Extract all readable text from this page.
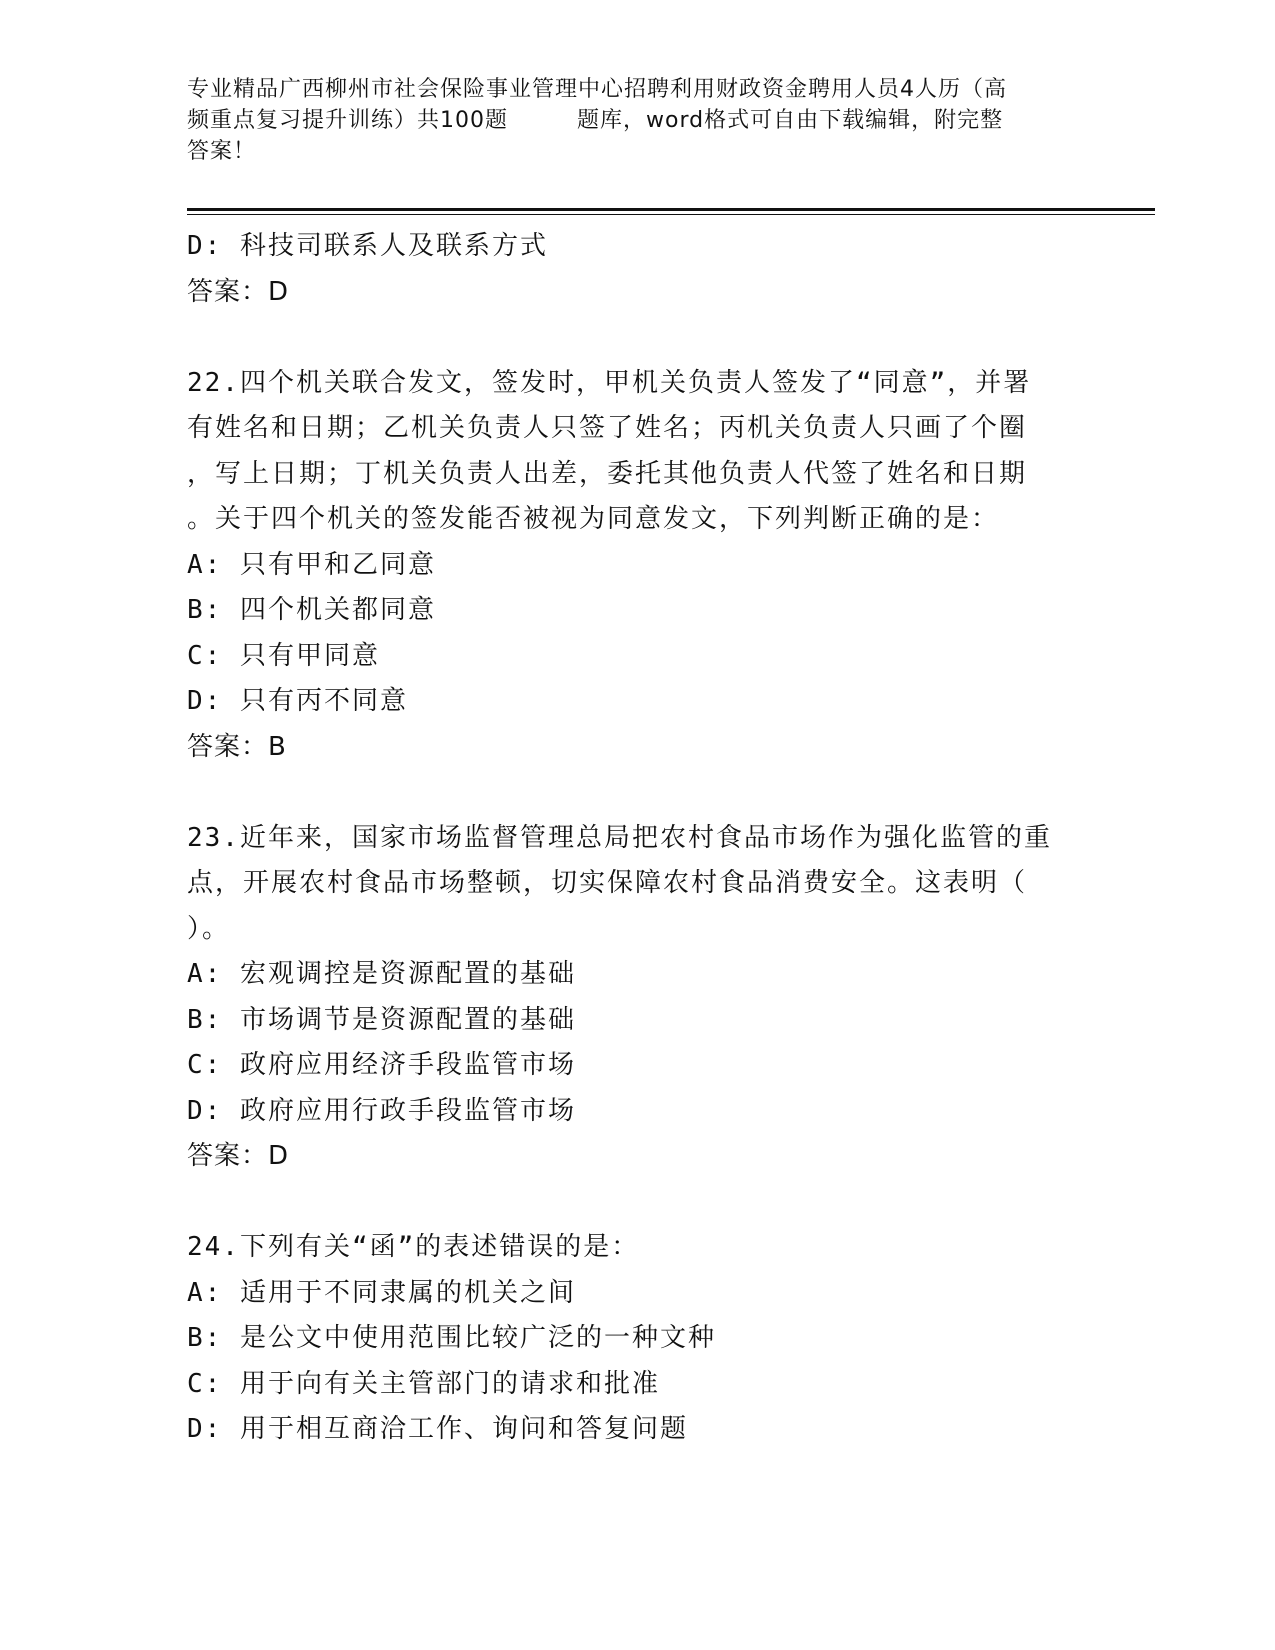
专业精品广西柳州市社会保险事业管理中心招聘利用财政资金聘用人员4人历（高
频重点复习提升训练）共100题　　　题库，word格式可自由下载编辑，附完整
答案！
D: 科技司联系人及联系方式
答案：D
22.四个机关联合发文，签发时，甲机关负责人签发了“同意”，并署
有姓名和日期；乙机关负责人只签了姓名；丙机关负责人只画了个圈
，写上日期；丁机关负责人出差，委托其他负责人代签了姓名和日期
。关于四个机关的签发能否被视为同意发文，下列判断正确的是：
A: 只有甲和乙同意
B: 四个机关都同意
C: 只有甲同意
D: 只有丙不同意
答案：B
23.近年来，国家市场监督管理总局把农村食品市场作为强化监管的重
点，开展农村食品市场整顿，切实保障农村食品消费安全。这表明（
）。
A: 宏观调控是资源配置的基础
B: 市场调节是资源配置的基础
C: 政府应用经济手段监管市场
D: 政府应用行政手段监管市场
答案：D
24.下列有关“函”的表述错误的是：
A: 适用于不同隶属的机关之间
B: 是公文中使用范围比较广泛的一种文种
C: 用于向有关主管部门的请求和批准
D: 用于相互商洽工作、询问和答复问题
